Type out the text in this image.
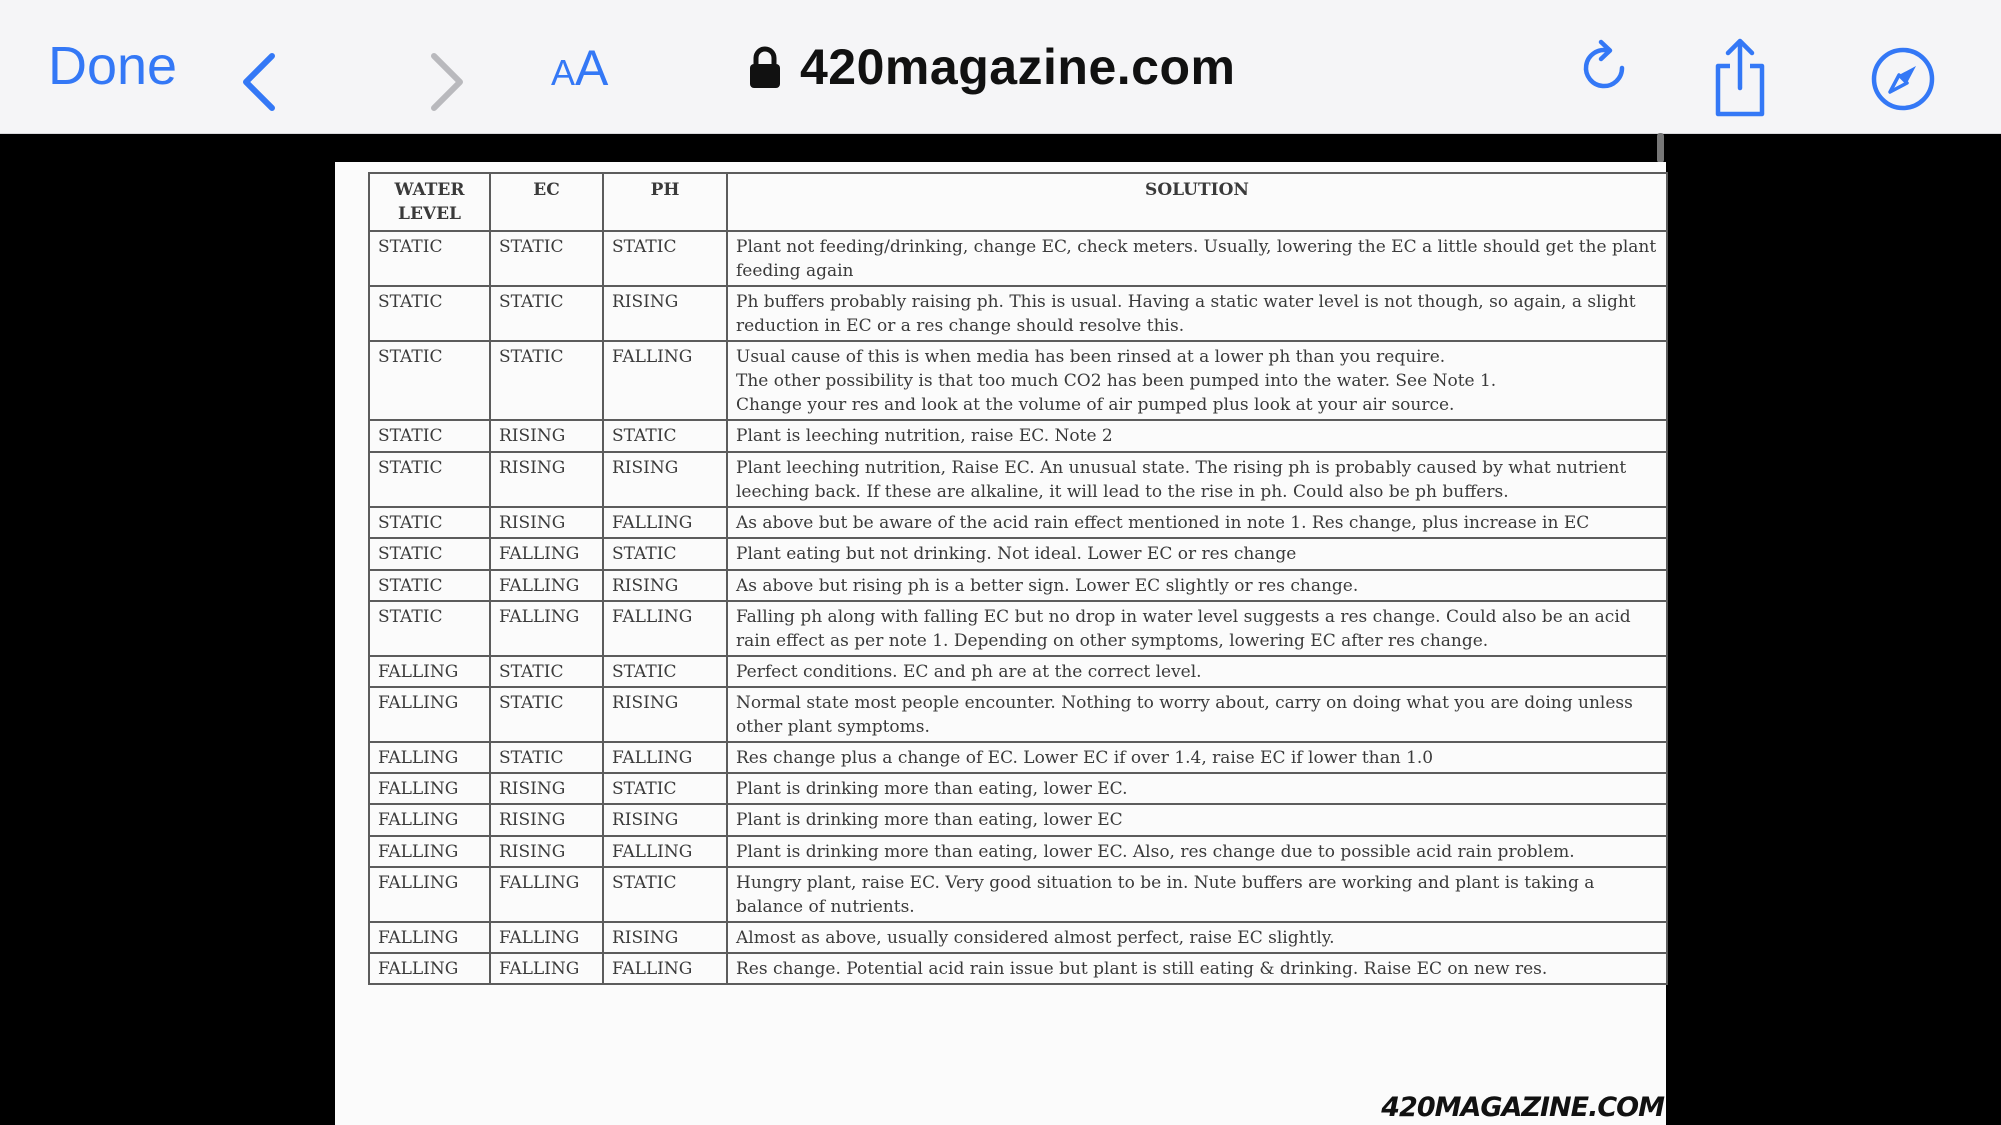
Done	AA	420magazine.com
WATER
LEVEL	EC	PH	SOLUTION
STATIC	STATIC	STATIC	Plant not feeding/drinking, change EC, check meters. Usually, lowering the EC a little should get the plant feeding again
STATIC	STATIC	RISING	Ph buffers probably raising ph. This is usual. Having a static water level is not though, so again, a slight reduction in EC or a res change should resolve this.
STATIC	STATIC	FALLING	Usual cause of this is when media has been rinsed at a lower ph than you require.
The other possibility is that too much CO2 has been pumped into the water. See Note 1.
Change your res and look at the volume of air pumped plus look at your air source.
STATIC	RISING	STATIC	Plant is leeching nutrition, raise EC. Note 2
STATIC	RISING	RISING	Plant leeching nutrition, Raise EC. An unusual state. The rising ph is probably caused by what nutrient leeching back. If these are alkaline, it will lead to the rise in ph. Could also be ph buffers.
STATIC	RISING	FALLING	As above but be aware of the acid rain effect mentioned in note 1. Res change, plus increase in EC
STATIC	FALLING	STATIC	Plant eating but not drinking. Not ideal. Lower EC or res change
STATIC	FALLING	RISING	As above but rising ph is a better sign. Lower EC slightly or res change.
STATIC	FALLING	FALLING	Falling ph along with falling EC but no drop in water level suggests a res change. Could also be an acid rain effect as per note 1. Depending on other symptoms, lowering EC after res change.
FALLING	STATIC	STATIC	Perfect conditions. EC and ph are at the correct level.
FALLING	STATIC	RISING	Normal state most people encounter. Nothing to worry about, carry on doing what you are doing unless other plant symptoms.
FALLING	STATIC	FALLING	Res change plus a change of EC. Lower EC if over 1.4, raise EC if lower than 1.0
FALLING	RISING	STATIC	Plant is drinking more than eating, lower EC.
FALLING	RISING	RISING	Plant is drinking more than eating, lower EC
FALLING	RISING	FALLING	Plant is drinking more than eating, lower EC. Also, res change due to possible acid rain problem.
FALLING	FALLING	STATIC	Hungry plant, raise EC. Very good situation to be in. Nute buffers are working and plant is taking a balance of nutrients.
FALLING	FALLING	RISING	Almost as above, usually considered almost perfect, raise EC slightly.
FALLING	FALLING	FALLING	Res change. Potential acid rain issue but plant is still eating & drinking. Raise EC on new res.
420MAGAZINE.COM
